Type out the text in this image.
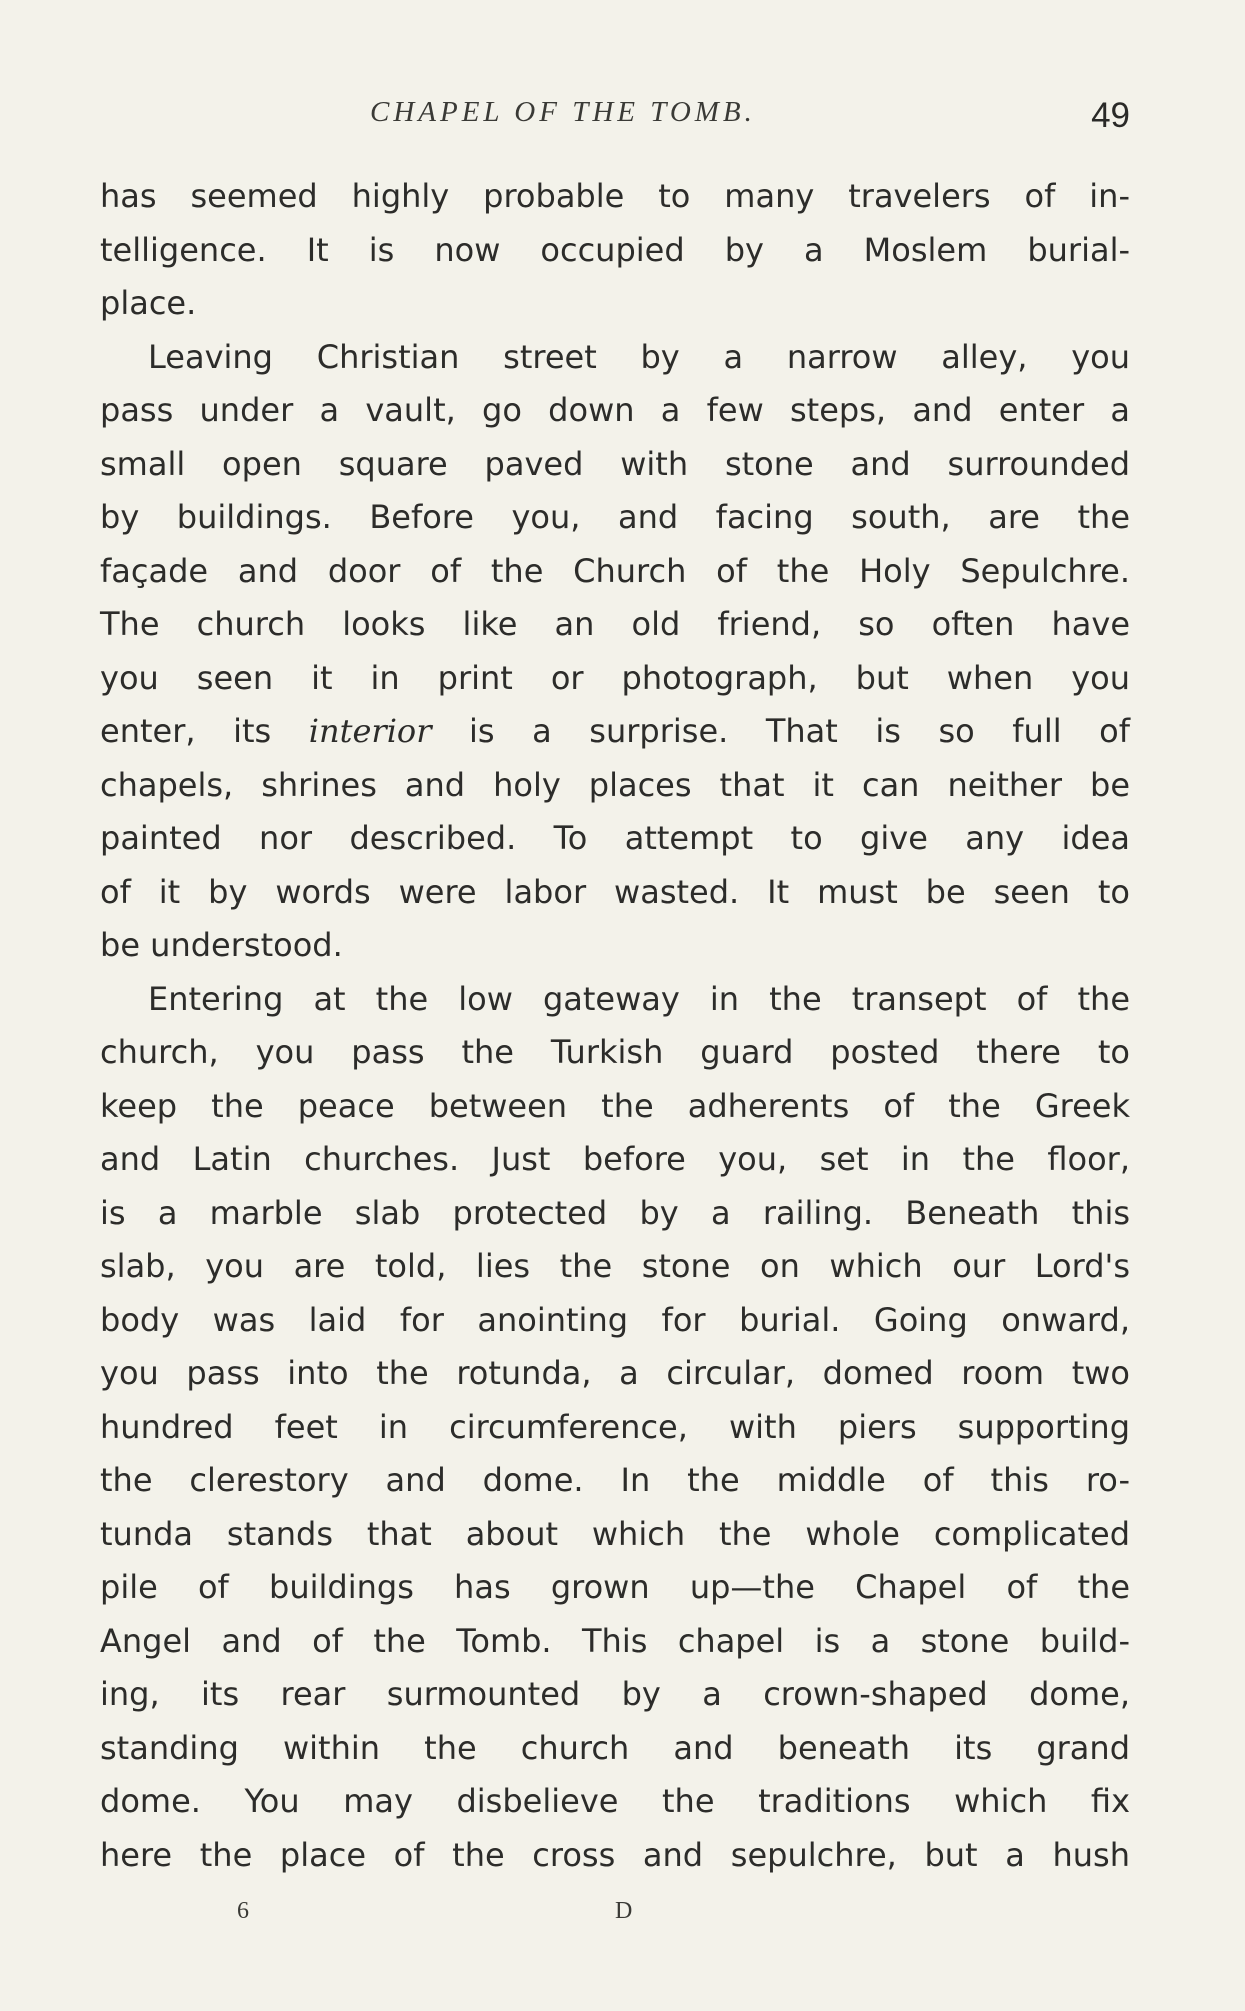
CHAPEL OF THE TOMB.	49
has seemed highly probable to many travelers of in-
telligence. It is now occupied by a Moslem burial-
place.
Leaving Christian street by a narrow alley, you
pass under a vault, go down a few steps, and enter a
small open square paved with stone and surrounded
by buildings. Before you, and facing south, are the
façade and door of the Church of the Holy Sepulchre.
The church looks like an old friend, so often have
you seen it in print or photograph, but when you
enter, its interior is a surprise. That is so full of
chapels, shrines and holy places that it can neither be
painted nor described. To attempt to give any idea
of it by words were labor wasted. It must be seen to
be understood.
Entering at the low gateway in the transept of the
church, you pass the Turkish guard posted there to
keep the peace between the adherents of the Greek
and Latin churches. Just before you, set in the floor,
is a marble slab protected by a railing. Beneath this
slab, you are told, lies the stone on which our Lord's
body was laid for anointing for burial. Going onward,
you pass into the rotunda, a circular, domed room two
hundred feet in circumference, with piers supporting
the clerestory and dome. In the middle of this ro-
tunda stands that about which the whole complicated
pile of buildings has grown up—the Chapel of the
Angel and of the Tomb. This chapel is a stone build-
ing, its rear surmounted by a crown-shaped dome,
standing within the church and beneath its grand
dome. You may disbelieve the traditions which fix
here the place of the cross and sepulchre, but a hush
6	D
